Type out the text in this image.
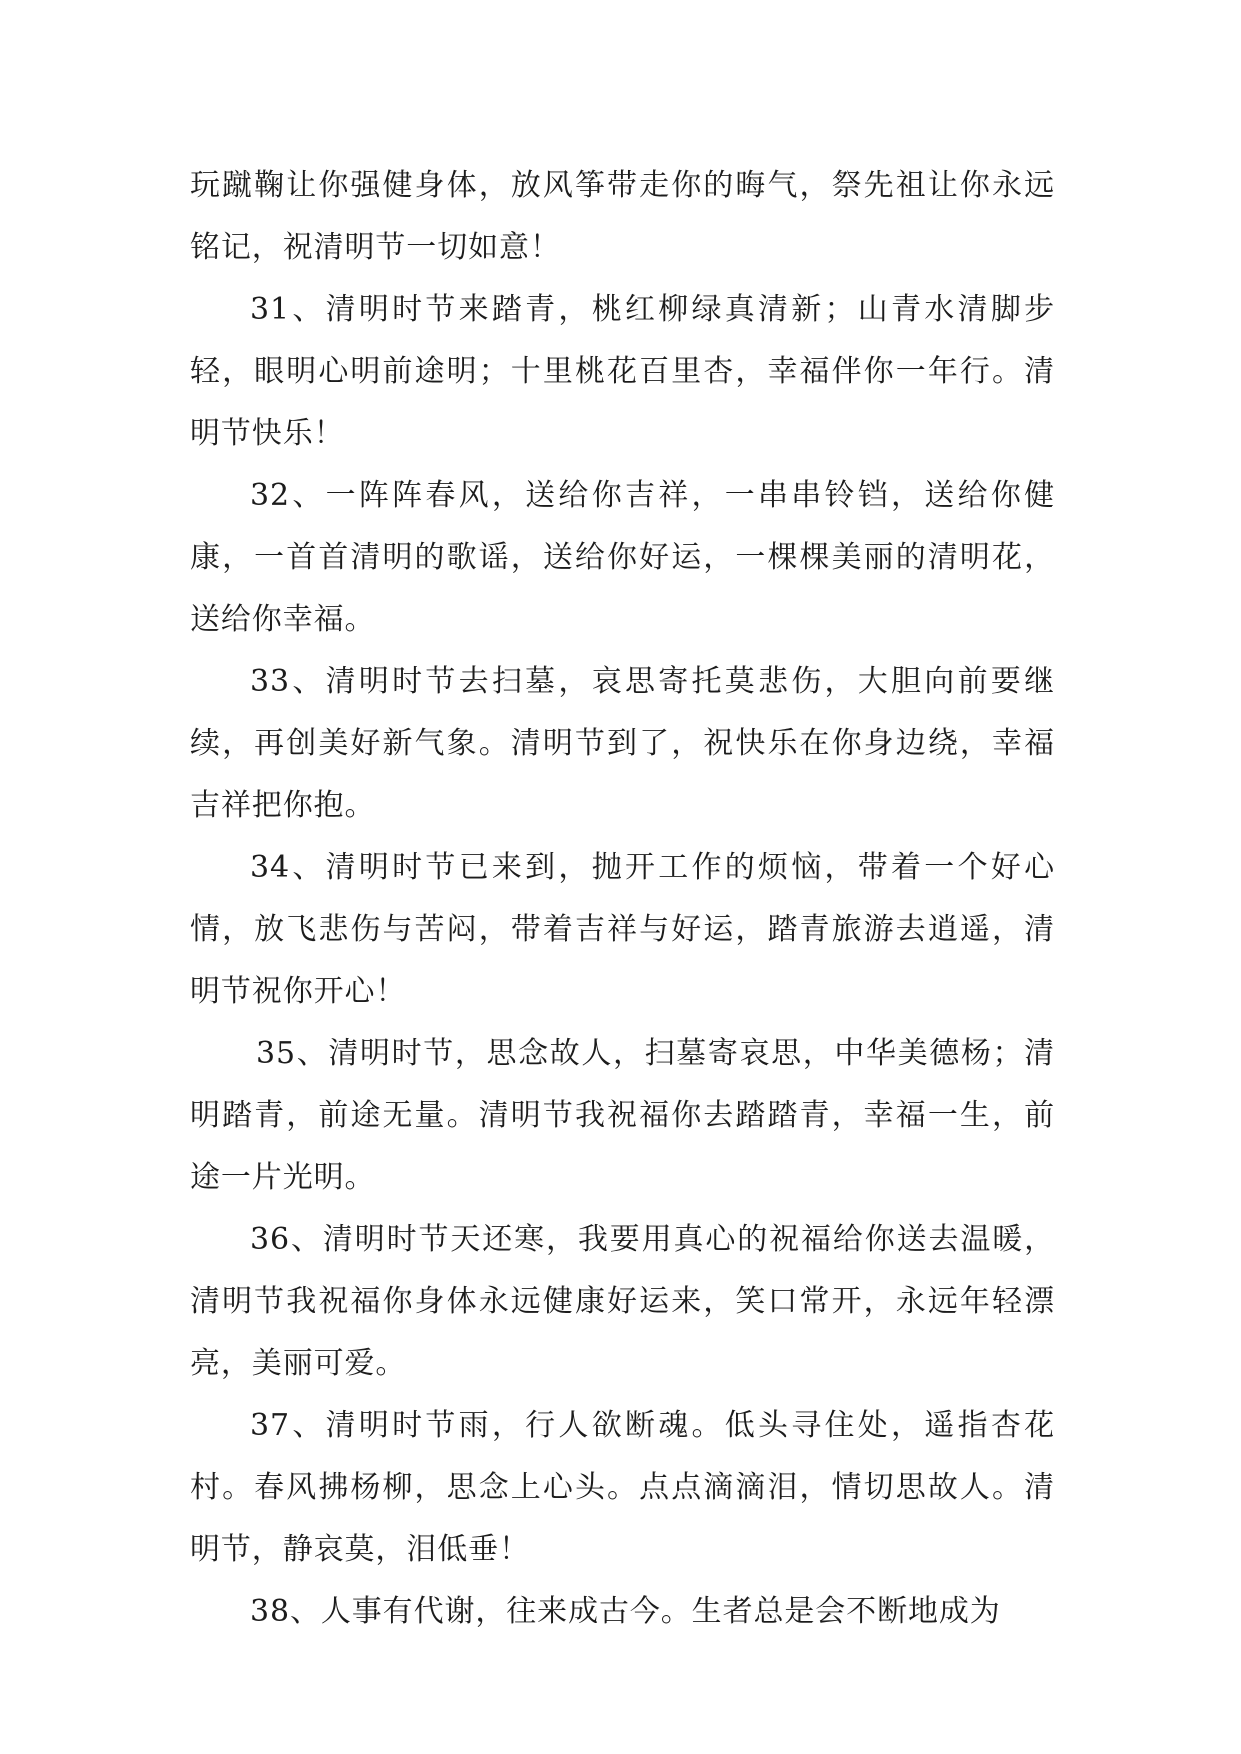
玩蹴鞠让你强健身体，放风筝带走你的晦气，祭先祖让你永远铭记，祝清明节一切如意！

31、清明时节来踏青，桃红柳绿真清新；山青水清脚步轻，眼明心明前途明；十里桃花百里杏，幸福伴你一年行。清明节快乐！

32、一阵阵春风，送给你吉祥，一串串铃铛，送给你健康，一首首清明的歌谣，送给你好运，一棵棵美丽的清明花，送给你幸福。

33、清明时节去扫墓，哀思寄托莫悲伤，大胆向前要继续，再创美好新气象。清明节到了，祝快乐在你身边绕，幸福吉祥把你抱。

34、清明时节已来到，抛开工作的烦恼，带着一个好心情，放飞悲伤与苦闷，带着吉祥与好运，踏青旅游去逍遥，清明节祝你开心！

35、清明时节，思念故人，扫墓寄哀思，中华美德杨；清明踏青，前途无量。清明节我祝福你去踏踏青，幸福一生，前途一片光明。

36、清明时节天还寒，我要用真心的祝福给你送去温暖，清明节我祝福你身体永远健康好运来，笑口常开，永远年轻漂亮，美丽可爱。

37、清明时节雨，行人欲断魂。低头寻住处，遥指杏花村。春风拂杨柳，思念上心头。点点滴滴泪，情切思故人。清明节，静哀莫，泪低垂！

38、人事有代谢，往来成古今。生者总是会不断地成为
